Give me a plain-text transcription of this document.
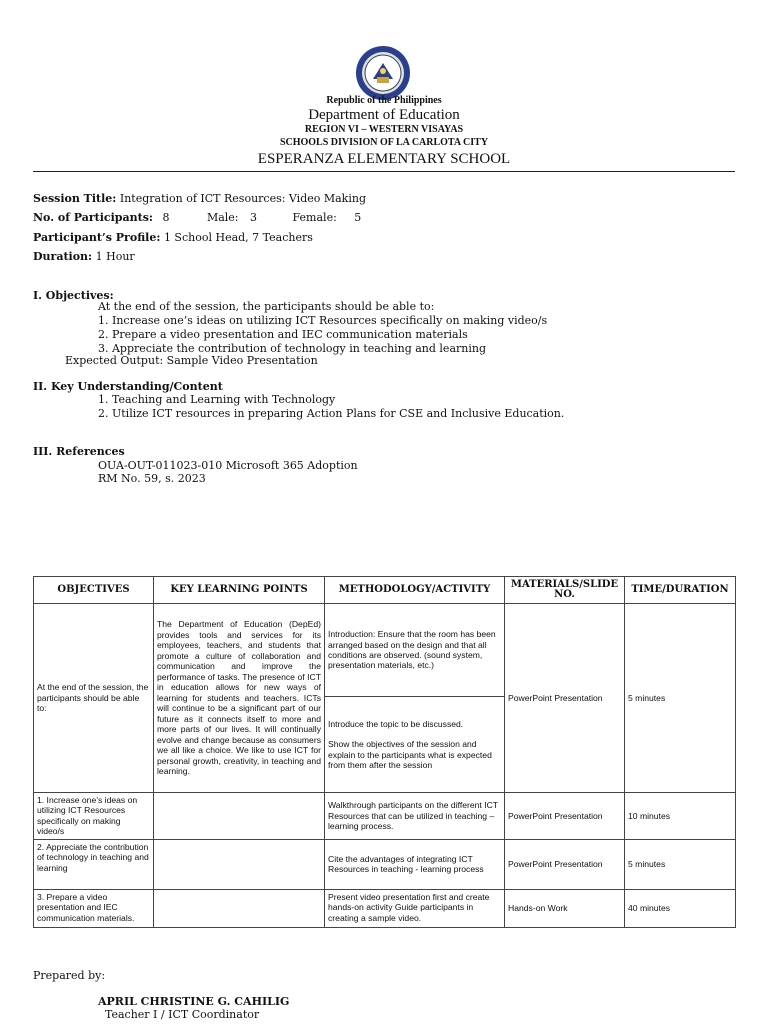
Republic of the Philippines
Department of Education
REGION VI – WESTERN VISAYAS
SCHOOLS DIVISION OF LA CARLOTA CITY
ESPERANZA ELEMENTARY SCHOOL
Session Title: Integration of ICT Resources: Video Making
No. of Participants: 8	Male: 3	Female: 5
Participant’s Profile: 1 School Head, 7 Teachers
Duration: 1 Hour
I. Objectives:
At the end of the session, the participants should be able to:
1. Increase one’s ideas on utilizing ICT Resources specifically on making video/s
2. Prepare a video presentation and IEC communication materials
3. Appreciate the contribution of technology in teaching and learning
Expected Output: Sample Video Presentation
II. Key Understanding/Content
1. Teaching and Learning with Technology
2. Utilize ICT resources in preparing Action Plans for CSE and Inclusive Education.
III. References
OUA-OUT-011023-010 Microsoft 365 Adoption
RM No. 59, s. 2023
OBJECTIVES	KEY LEARNING POINTS	METHODOLOGY/ACTIVITY	MATERIALS/SLIDE NO.	TIME/DURATION
At the end of the session, the participants should be able to:	The Department of Education (DepEd) provides tools and services for its employees, teachers, and students that promote a culture of collaboration and communication and improve the performance of tasks. The presence of ICT in education allows for new ways of learning for students and teachers. ICTs will continue to be a significant part of our future as it connects itself to more and more parts of our lives. It will continually evolve and change because as consumers we all like a choice. We like to use ICT for personal growth, creativity, in teaching and learning.	Introduction: Ensure that the room has been arranged based on the design and that all conditions are observed. (sound system, presentation materials, etc.)	PowerPoint Presentation	5 minutes

		Introduce the topic to be discussed.
Show the objectives of the session and explain to the participants what is expected from them after the session		

1. Increase one’s ideas on utilizing ICT Resources specifically on making video/s		Walkthrough participants on the different ICT Resources that can be utilized in teaching – learning process.	PowerPoint Presentation	10 minutes
2. Appreciate the contribution of technology in teaching and learning		Cite the advantages of integrating ICT Resources in teaching - learning process	PowerPoint Presentation	5 minutes
3. Prepare a video presentation and IEC communication materials.		Present video presentation first and create hands-on activity Guide participants in creating a sample video.	Hands-on Work	40 minutes
Prepared by:
APRIL CHRISTINE G. CAHILIG
Teacher I / ICT Coordinator
